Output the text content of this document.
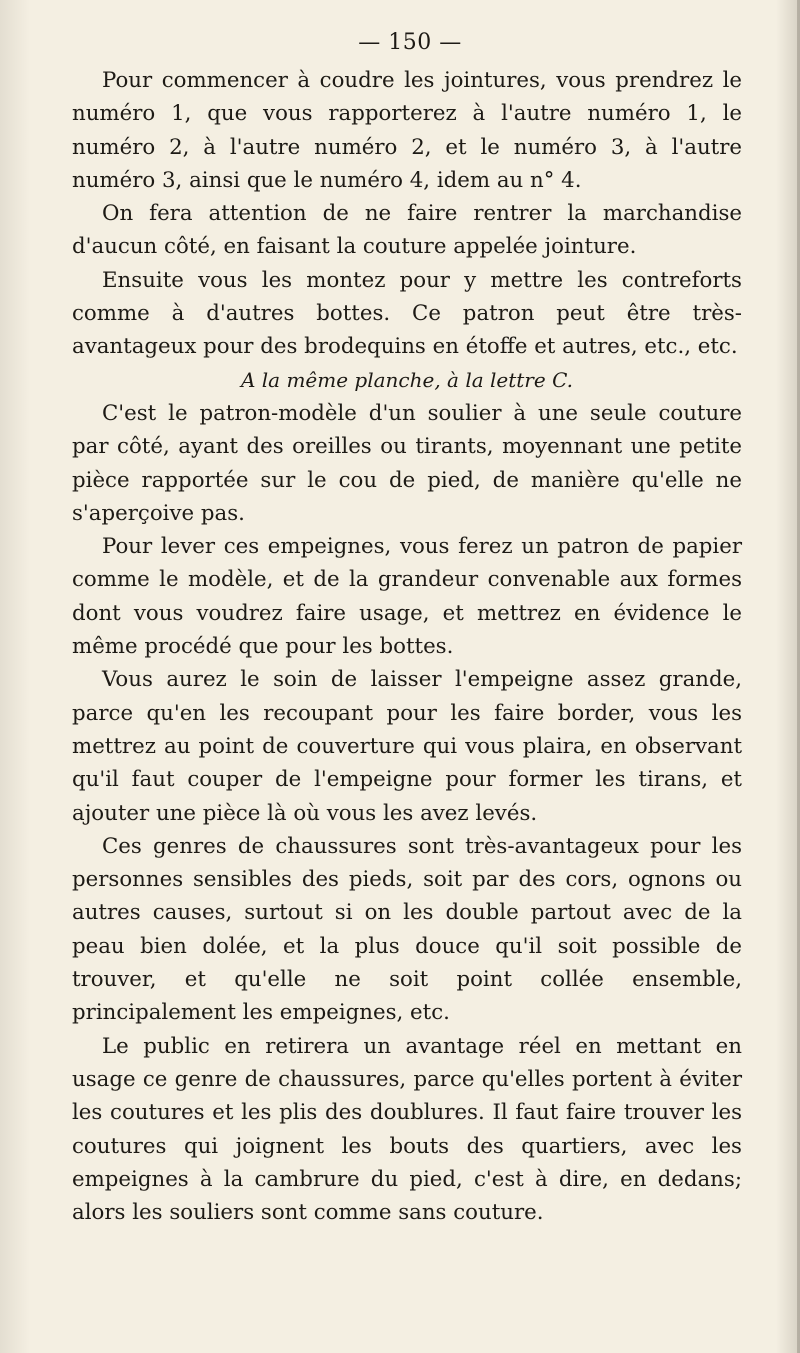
— 150 —

Pour commencer à coudre les jointures, vous prendrez le numéro 1, que vous rapporterez à l'autre numéro 1, le numéro 2, à l'autre numéro 2, et le numéro 3, à l'autre numéro 3, ainsi que le numéro 4, idem au n° 4.

On fera attention de ne faire rentrer la marchandise d'aucun côté, en faisant la couture appelée jointure.

Ensuite vous les montez pour y mettre les contreforts comme à d'autres bottes. Ce patron peut être très-avantageux pour des brodequins en étoffe et autres, etc., etc.

A la même planche, à la lettre C.

C'est le patron-modèle d'un soulier à une seule couture par côté, ayant des oreilles ou tirants, moyennant une petite pièce rapportée sur le cou de pied, de manière qu'elle ne s'aperçoive pas.

Pour lever ces empeignes, vous ferez un patron de papier comme le modèle, et de la grandeur convenable aux formes dont vous voudrez faire usage, et mettrez en évidence le même procédé que pour les bottes.

Vous aurez le soin de laisser l'empeigne assez grande, parce qu'en les recoupant pour les faire border, vous les mettrez au point de couverture qui vous plaira, en observant qu'il faut couper de l'empeigne pour former les tirans, et ajouter une pièce là où vous les avez levés.

Ces genres de chaussures sont très-avantageux pour les personnes sensibles des pieds, soit par des cors, ognons ou autres causes, surtout si on les double partout avec de la peau bien dolée, et la plus douce qu'il soit possible de trouver, et qu'elle ne soit point collée ensemble, principalement les empeignes, etc.

Le public en retirera un avantage réel en mettant en usage ce genre de chaussures, parce qu'elles portent à éviter les coutures et les plis des doublures. Il faut faire trouver les coutures qui joignent les bouts des quartiers, avec les empeignes à la cambrure du pied, c'est à dire, en dedans; alors les souliers sont comme sans couture.
